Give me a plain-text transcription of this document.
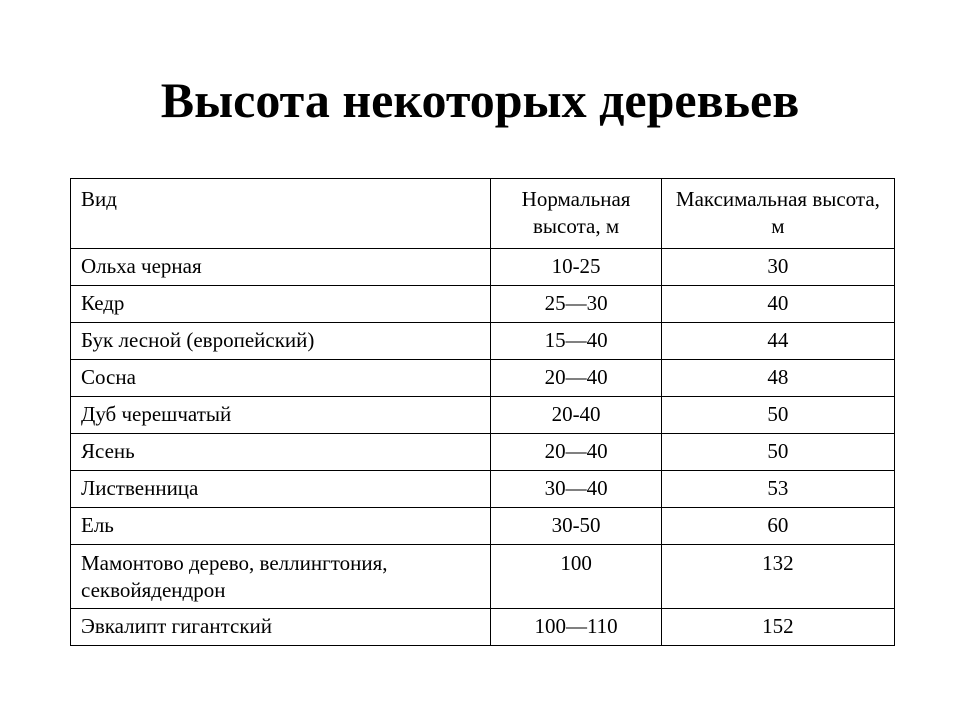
Высота некоторых деревьев
Вид	Нормальная высота, м	Максимальная высота, м
Ольха черная	10-25	30
Кедр	25—30	40
Бук лесной (европейский)	15—40	44
Сосна	20—40	48
Дуб черешчатый	20-40	50
Ясень	20—40	50
Лиственница	30—40	53
Ель	30-50	60
Мамонтово дерево, веллингтония, секвойядендрон	100	132
Эвкалипт гигантский	100—110	152
